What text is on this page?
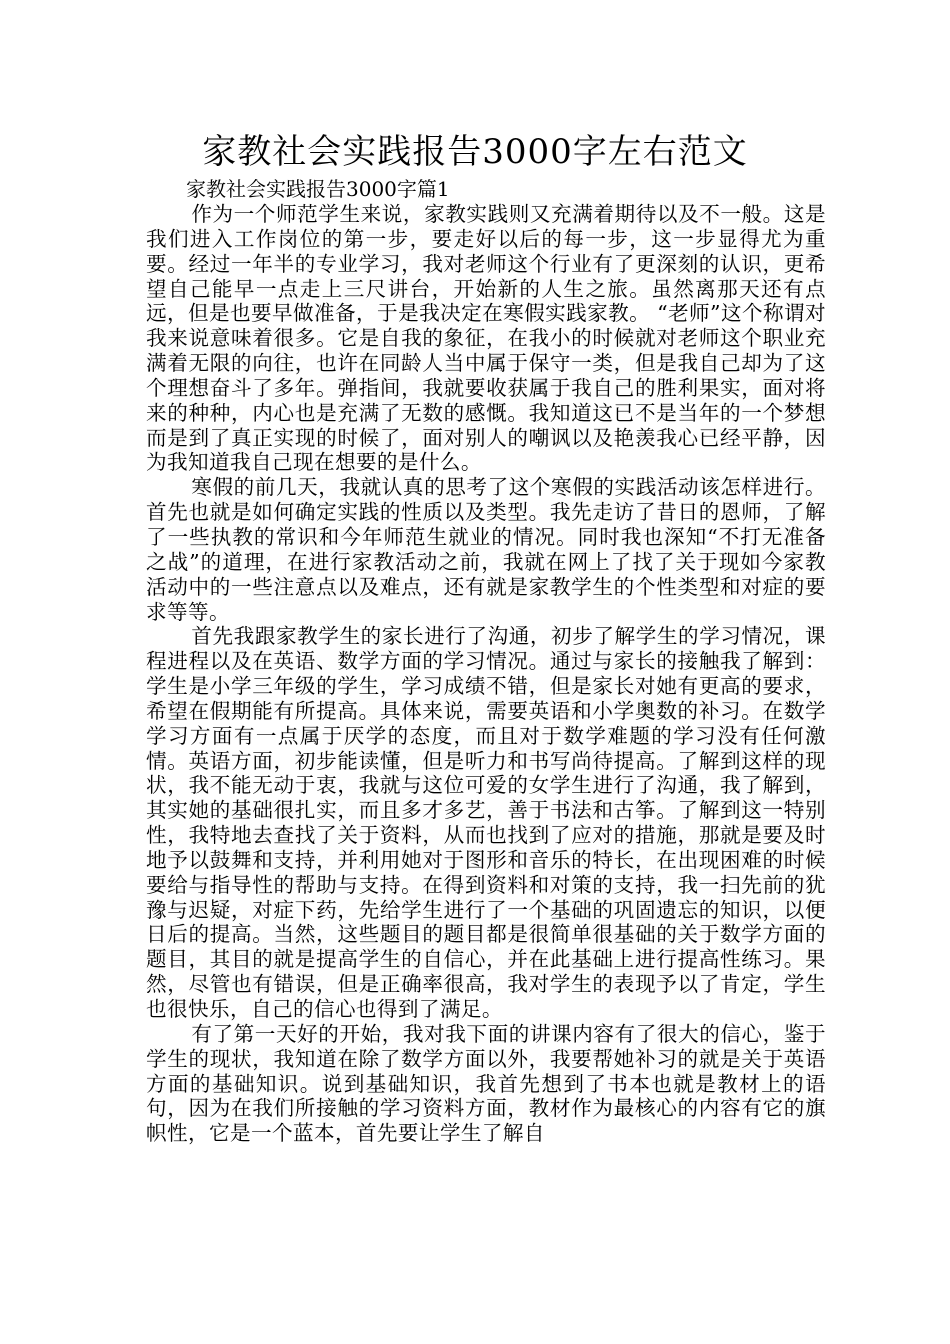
家教社会实践报告3000字左右范文
家教社会实践报告3000字篇1

作为一个师范学生来说，家教实践则又充满着期待以及不一般。这是我们进入工作岗位的第一步，要走好以后的每一步，这一步显得尤为重要。经过一年半的专业学习，我对老师这个行业有了更深刻的认识，更希望自己能早一点走上三尺讲台，开始新的人生之旅。虽然离那天还有点远，但是也要早做准备，于是我决定在寒假实践家教。 “老师”这个称谓对我来说意味着很多。它是自我的象征，在我小的时候就对老师这个职业充满着无限的向往，也许在同龄人当中属于保守一类，但是我自己却为了这个理想奋斗了多年。弹指间，我就要收获属于我自己的胜利果实，面对将来的种种，内心也是充满了无数的感慨。我知道这已不是当年的一个梦想而是到了真正实现的时候了，面对别人的嘲讽以及艳羡我心已经平静，因为我知道我自己现在想要的是什么。

寒假的前几天，我就认真的思考了这个寒假的实践活动该怎样进行。首先也就是如何确定实践的性质以及类型。我先走访了昔日的恩师，了解了一些执教的常识和今年师范生就业的情况。同时我也深知“不打无准备之战”的道理，在进行家教活动之前，我就在网上了找了关于现如今家教活动中的一些注意点以及难点，还有就是家教学生的个性类型和对症的要求等等。

首先我跟家教学生的家长进行了沟通，初步了解学生的学习情况，课程进程以及在英语、数学方面的学习情况。通过与家长的接触我了解到：学生是小学三年级的学生，学习成绩不错，但是家长对她有更高的要求，希望在假期能有所提高。具体来说，需要英语和小学奥数的补习。在数学学习方面有一点属于厌学的态度，而且对于数学难题的学习没有任何激情。英语方面，初步能读懂，但是听力和书写尚待提高。了解到这样的现状，我不能无动于衷，我就与这位可爱的女学生进行了沟通，我了解到，其实她的基础很扎实，而且多才多艺，善于书法和古筝。了解到这一特别性，我特地去查找了关于资料，从而也找到了应对的措施，那就是要及时地予以鼓舞和支持，并利用她对于图形和音乐的特长，在出现困难的时候要给与指导性的帮助与支持。在得到资料和对策的支持，我一扫先前的犹豫与迟疑，对症下药，先给学生进行了一个基础的巩固遗忘的知识，以便日后的提高。当然，这些题目的题目都是很简单很基础的关于数学方面的题目，其目的就是提高学生的自信心，并在此基础上进行提高性练习。果然，尽管也有错误，但是正确率很高，我对学生的表现予以了肯定，学生也很快乐，自己的信心也得到了满足。

有了第一天好的开始，我对我下面的讲课内容有了很大的信心，鉴于学生的现状，我知道在除了数学方面以外，我要帮她补习的就是关于英语方面的基础知识。说到基础知识，我首先想到了书本也就是教材上的语句，因为在我们所接触的学习资料方面，教材作为最核心的内容有它的旗帜性，它是一个蓝本，首先要让学生了解自
